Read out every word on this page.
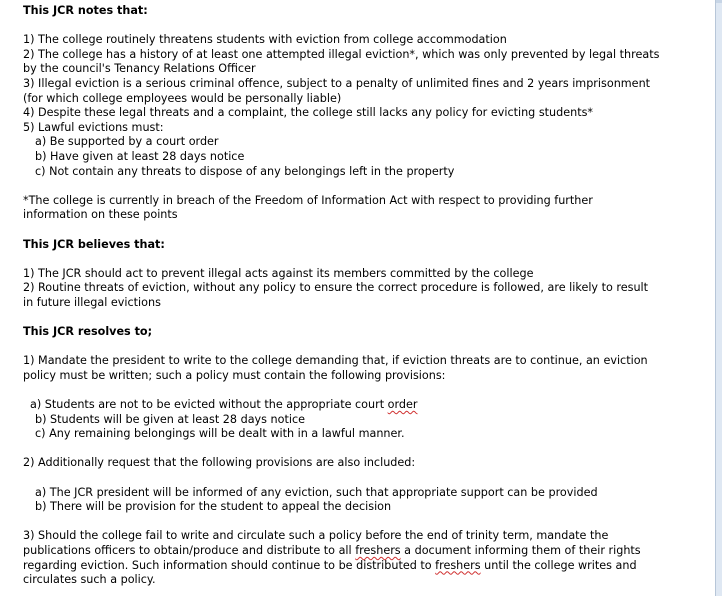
This JCR notes that:

1) The college routinely threatens students with eviction from college accommodation

2) The college has a history of at least one attempted illegal eviction*, which was only prevented by legal threats

by the council's Tenancy Relations Officer

3) Illegal eviction is a serious criminal offence, subject to a penalty of unlimited fines and 2 years imprisonment

(for which college employees would be personally liable)

4) Despite these legal threats and a complaint, the college still lacks any policy for evicting students*

5) Lawful evictions must:

a) Be supported by a court order

b) Have given at least 28 days notice

c) Not contain any threats to dispose of any belongings left in the property

*The college is currently in breach of the Freedom of Information Act with respect to providing further

information on these points

This JCR believes that:

1) The JCR should act to prevent illegal acts against its members committed by the college

2) Routine threats of eviction, without any policy to ensure the correct procedure is followed, are likely to result

in future illegal evictions

This JCR resolves to;

1) Mandate the president to write to the college demanding that, if eviction threats are to continue, an eviction

policy must be written; such a policy must contain the following provisions:

a) Students are not to be evicted without the appropriate court order

b) Students will be given at least 28 days notice

c) Any remaining belongings will be dealt with in a lawful manner.

2) Additionally request that the following provisions are also included:

a) The JCR president will be informed of any eviction, such that appropriate support can be provided

b) There will be provision for the student to appeal the decision

3) Should the college fail to write and circulate such a policy before the end of trinity term, mandate the

publications officers to obtain/produce and distribute to all freshers a document informing them of their rights

regarding eviction. Such information should continue to be distributed to freshers until the college writes and

circulates such a policy.
